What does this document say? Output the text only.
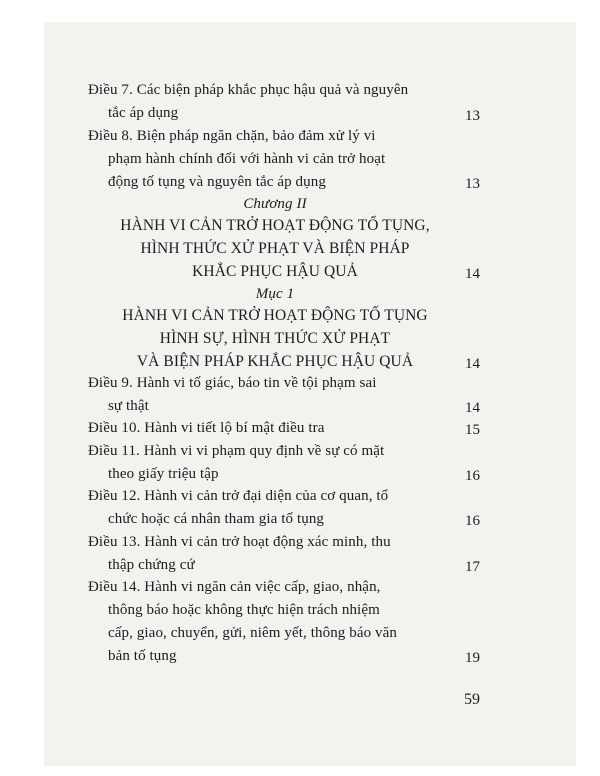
Điều 7. Các biện pháp khắc phục hậu quả và nguyên
tắc áp dụng	13
Điều 8. Biện pháp ngăn chặn, bảo đảm xử lý vi
phạm hành chính đối với hành vi cản trở hoạt
động tố tụng và nguyên tắc áp dụng	13
Chương II
HÀNH VI CẢN TRỞ HOẠT ĐỘNG TỐ TỤNG,
HÌNH THỨC XỬ PHẠT VÀ BIỆN PHÁP
KHẮC PHỤC HẬU QUẢ	14
Mục 1
HÀNH VI CẢN TRỞ HOẠT ĐỘNG TỐ TỤNG
HÌNH SỰ, HÌNH THỨC XỬ PHẠT
VÀ BIỆN PHÁP KHẮC PHỤC HẬU QUẢ	14
Điều 9. Hành vi tố giác, báo tin về tội phạm sai
sự thật	14
Điều 10. Hành vi tiết lộ bí mật điều tra	15
Điều 11. Hành vi vi phạm quy định về sự có mặt
theo giấy triệu tập	16
Điều 12. Hành vi cản trở đại diện của cơ quan, tổ
chức hoặc cá nhân tham gia tố tụng	16
Điều 13. Hành vi cản trở hoạt động xác minh, thu
thập chứng cứ	17
Điều 14. Hành vi ngăn cản việc cấp, giao, nhận,
thông báo hoặc không thực hiện trách nhiệm
cấp, giao, chuyển, gửi, niêm yết, thông báo văn
bản tố tụng	19
59
